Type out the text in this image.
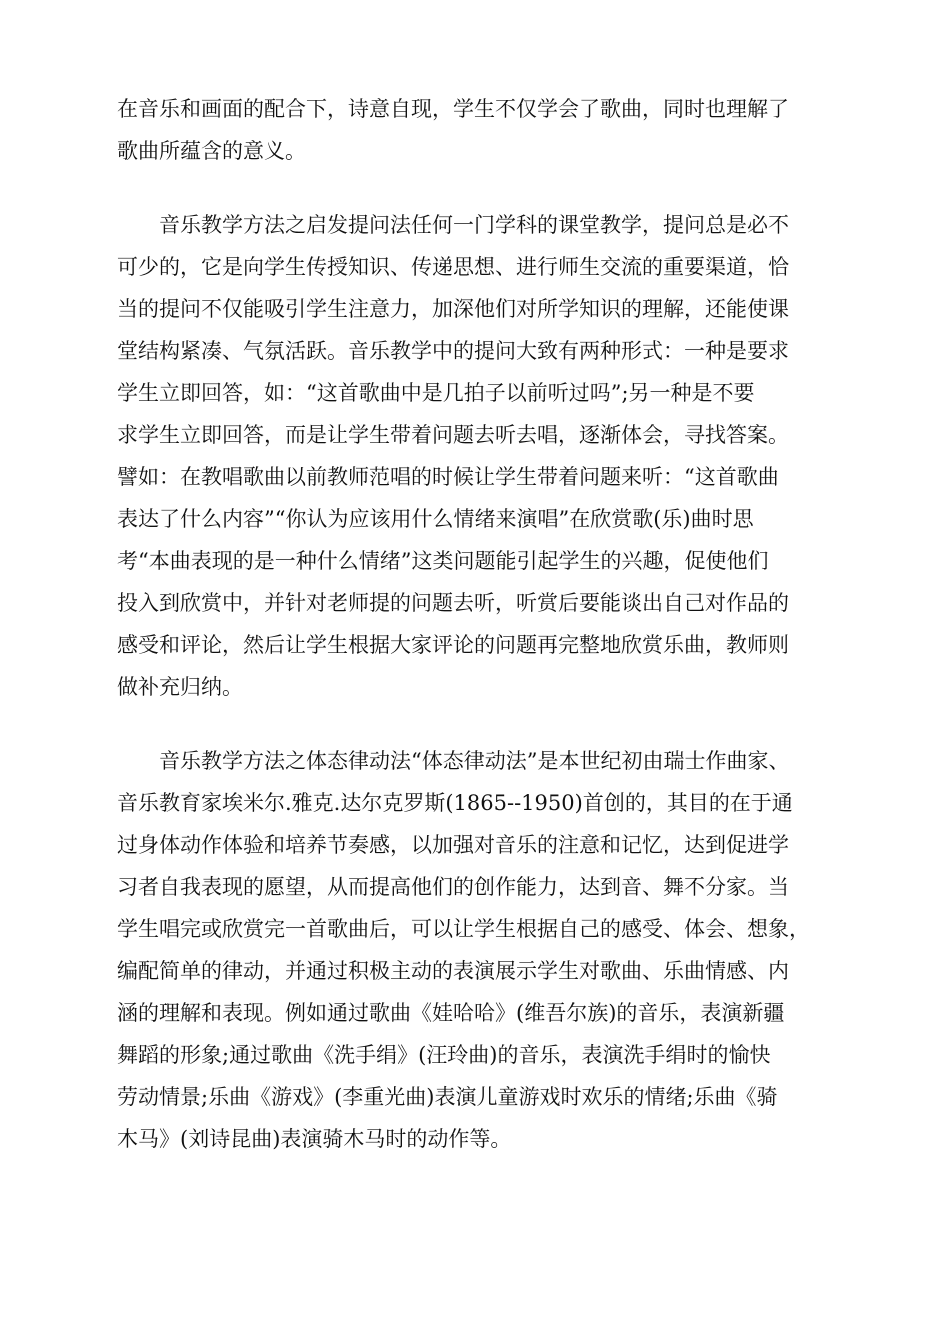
在音乐和画面的配合下，诗意自现，学生不仅学会了歌曲，同时也理解了
歌曲所蕴含的意义。
音乐教学方法之启发提问法任何一门学科的课堂教学，提问总是必不
可少的，它是向学生传授知识、传递思想、进行师生交流的重要渠道，恰
当的提问不仅能吸引学生注意力，加深他们对所学知识的理解，还能使课
堂结构紧凑、气氛活跃。音乐教学中的提问大致有两种形式：一种是要求
学生立即回答，如：“这首歌曲中是几拍子以前听过吗”;另一种是不要
求学生立即回答，而是让学生带着问题去听去唱，逐渐体会，寻找答案。
譬如：在教唱歌曲以前教师范唱的时候让学生带着问题来听：“这首歌曲
表达了什么内容”“你认为应该用什么情绪来演唱”在欣赏歌(乐)曲时思
考“本曲表现的是一种什么情绪”这类问题能引起学生的兴趣，促使他们
投入到欣赏中，并针对老师提的问题去听，听赏后要能谈出自己对作品的
感受和评论，然后让学生根据大家评论的问题再完整地欣赏乐曲，教师则
做补充归纳。
音乐教学方法之体态律动法“体态律动法”是本世纪初由瑞士作曲家、
音乐教育家埃米尔.雅克.达尔克罗斯(1865--1950)首创的，其目的在于通
过身体动作体验和培养节奏感，以加强对音乐的注意和记忆，达到促进学
习者自我表现的愿望，从而提高他们的创作能力，达到音、舞不分家。当
学生唱完或欣赏完一首歌曲后，可以让学生根据自己的感受、体会、想象，
编配简单的律动，并通过积极主动的表演展示学生对歌曲、乐曲情感、内
涵的理解和表现。例如通过歌曲《娃哈哈》(维吾尔族)的音乐，表演新疆
舞蹈的形象;通过歌曲《洗手绢》(汪玲曲)的音乐，表演洗手绢时的愉快
劳动情景;乐曲《游戏》(李重光曲)表演儿童游戏时欢乐的情绪;乐曲《骑
木马》(刘诗昆曲)表演骑木马时的动作等。
